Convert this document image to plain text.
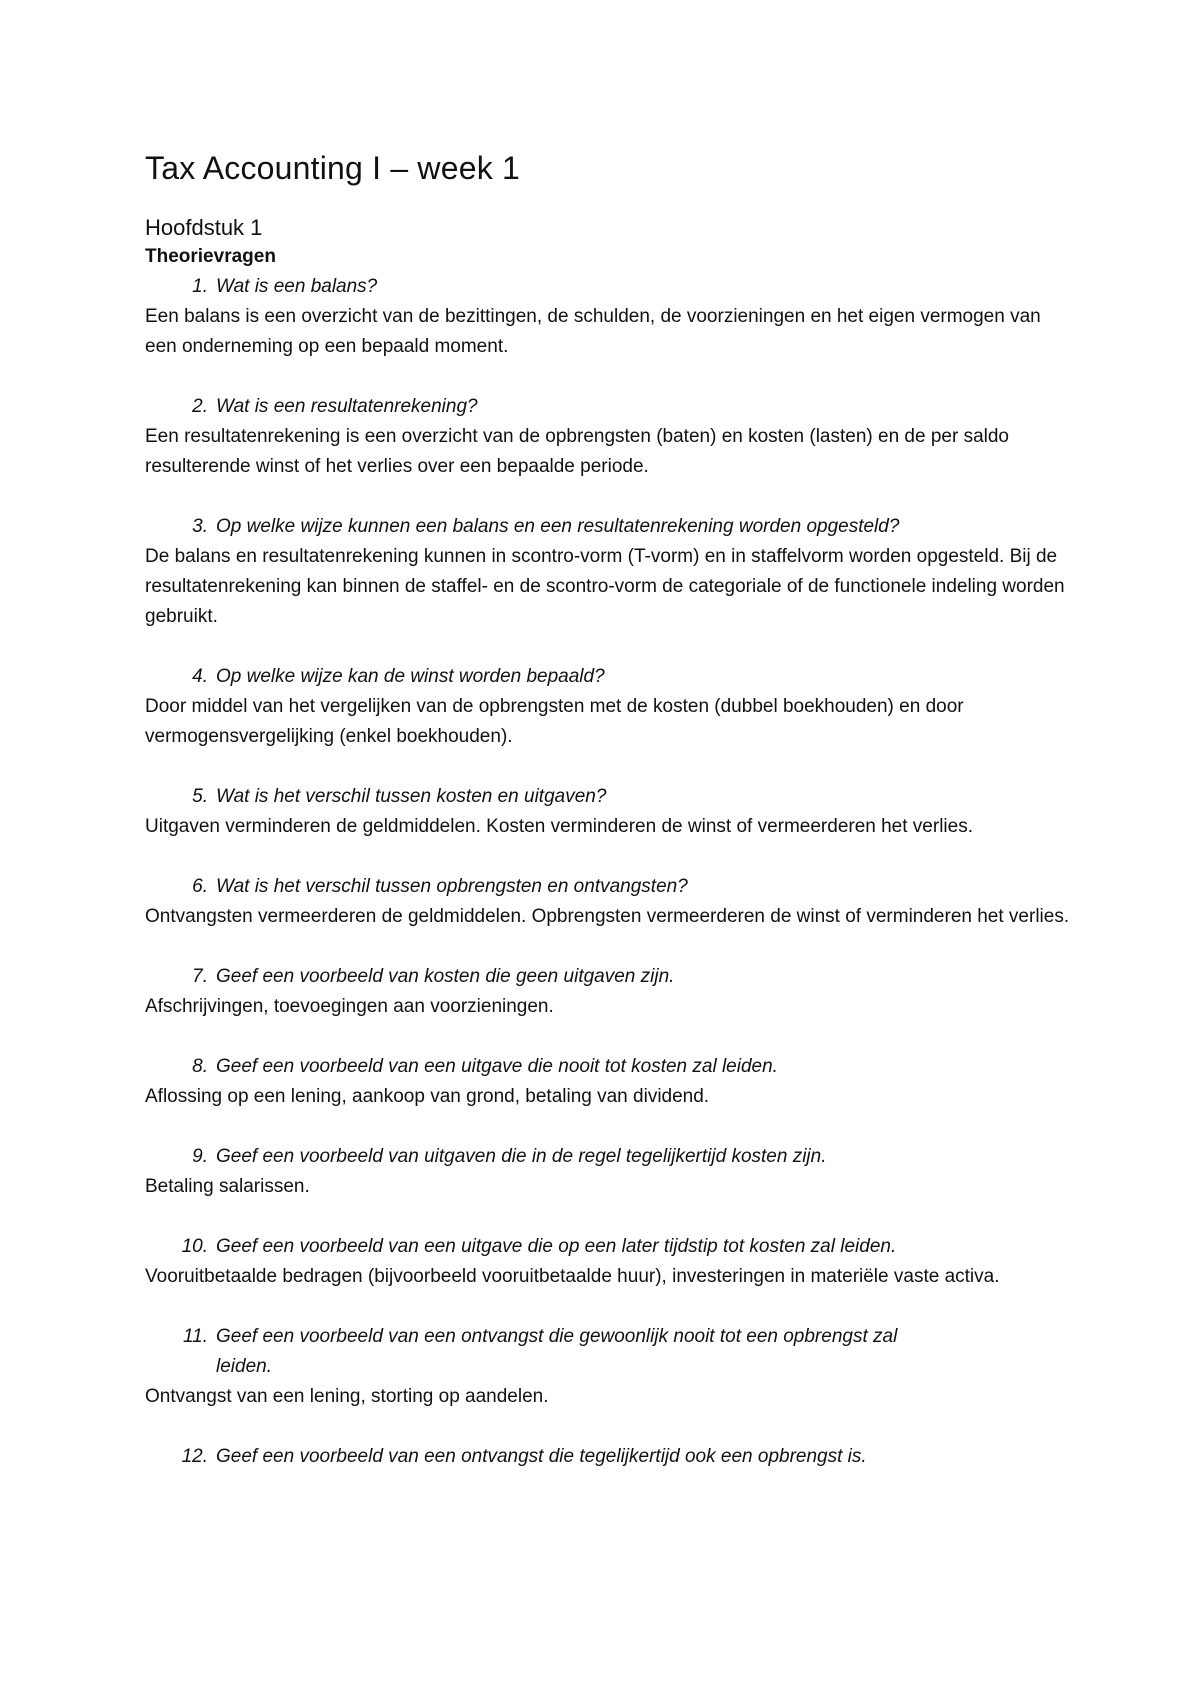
Tax Accounting I – week 1
Hoofdstuk 1
Theorievragen
1. Wat is een balans?

Een balans is een overzicht van de bezittingen, de schulden, de voorzieningen en het eigen vermogen van een onderneming op een bepaald moment.

2. Wat is een resultatenrekening?

Een resultatenrekening is een overzicht van de opbrengsten (baten) en kosten (lasten) en de per saldo resulterende winst of het verlies over een bepaalde periode.

3. Op welke wijze kunnen een balans en een resultatenrekening worden opgesteld?

De balans en resultatenrekening kunnen in scontro-vorm (T-vorm) en in staffelvorm worden opgesteld. Bij de resultatenrekening kan binnen de staffel- en de scontro-vorm de categoriale of de functionele indeling worden gebruikt.

4. Op welke wijze kan de winst worden bepaald?

Door middel van het vergelijken van de opbrengsten met de kosten (dubbel boekhouden) en door vermogensvergelijking (enkel boekhouden).

5. Wat is het verschil tussen kosten en uitgaven?

Uitgaven verminderen de geldmiddelen. Kosten verminderen de winst of vermeerderen het verlies.

6. Wat is het verschil tussen opbrengsten en ontvangsten?

Ontvangsten vermeerderen de geldmiddelen. Opbrengsten vermeerderen de winst of verminderen het verlies.

7. Geef een voorbeeld van kosten die geen uitgaven zijn.

Afschrijvingen, toevoegingen aan voorzieningen.

8. Geef een voorbeeld van een uitgave die nooit tot kosten zal leiden.

Aflossing op een lening, aankoop van grond, betaling van dividend.

9. Geef een voorbeeld van uitgaven die in de regel tegelijkertijd kosten zijn.

Betaling salarissen.

10. Geef een voorbeeld van een uitgave die op een later tijdstip tot kosten zal leiden.

Vooruitbetaalde bedragen (bijvoorbeeld vooruitbetaalde huur), investeringen in materiële vaste activa.

11. Geef een voorbeeld van een ontvangst die gewoonlijk nooit tot een opbrengst zal leiden.

Ontvangst van een lening, storting op aandelen.

12. Geef een voorbeeld van een ontvangst die tegelijkertijd ook een opbrengst is.
